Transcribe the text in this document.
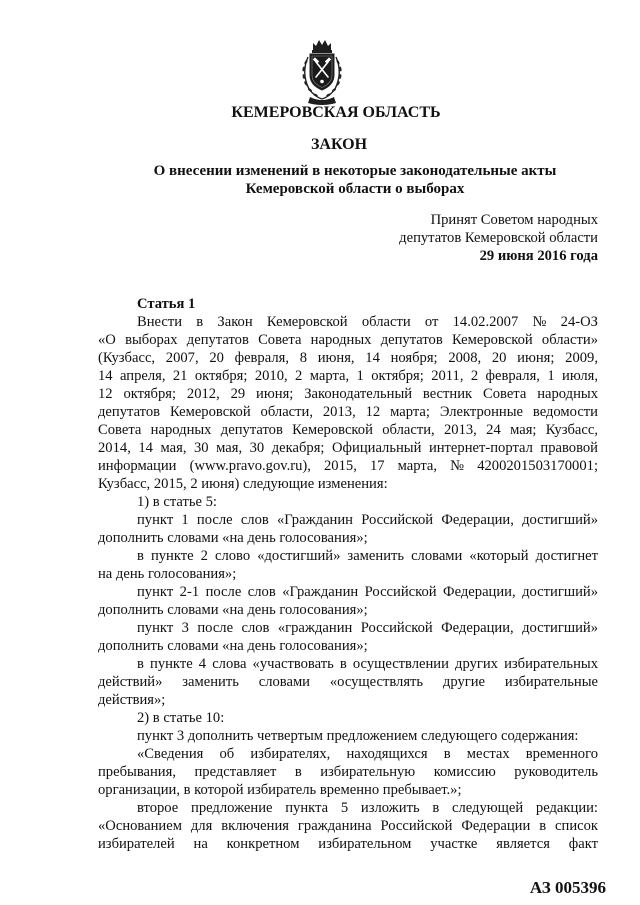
КЕМЕРОВСКАЯ ОБЛАСТЬ
ЗАКОН
О внесении изменений в некоторые законодательные акты
Кемеровской области о выборах
Принят Советом народных
депутатов Кемеровской области
29 июня 2016 года
Статья 1
Внести в Закон Кемеровской области от 14.02.2007 № 24-ОЗ
«О выборах депутатов Совета народных депутатов Кемеровской области»
(Кузбасс, 2007, 20 февраля, 8 июня, 14 ноября; 2008, 20 июня; 2009,
14 апреля, 21 октября; 2010, 2 марта, 1 октября; 2011, 2 февраля, 1 июля,
12 октября; 2012, 29 июня; Законодательный вестник Совета народных
депутатов Кемеровской области, 2013, 12 марта; Электронные ведомости
Совета народных депутатов Кемеровской области, 2013, 24 мая; Кузбасс,
2014, 14 мая, 30 мая, 30 декабря; Официальный интернет-портал правовой
информации (www.pravo.gov.ru), 2015, 17 марта, № 4200201503170001;
Кузбасс, 2015, 2 июня) следующие изменения:
1) в статье 5:
пункт 1 после слов «Гражданин Российской Федерации, достигший»
дополнить словами «на день голосования»;
в пункте 2 слово «достигший» заменить словами «который достигнет
на день голосования»;
пункт 2-1 после слов «Гражданин Российской Федерации, достигший»
дополнить словами «на день голосования»;
пункт 3 после слов «гражданин Российской Федерации, достигший»
дополнить словами «на день голосования»;
в пункте 4 слова «участвовать в осуществлении других избирательных
действий» заменить словами «осуществлять другие избирательные
действия»;
2) в статье 10:
пункт 3 дополнить четвертым предложением следующего содержания:
«Сведения об избирателях, находящихся в местах временного
пребывания, представляет в избирательную комиссию руководитель
организации, в которой избиратель временно пребывает.»;
второе предложение пункта 5 изложить в следующей редакции:
«Основанием для включения гражданина Российской Федерации в список
избирателей на конкретном избирательном участке является факт
АЗ 005396
